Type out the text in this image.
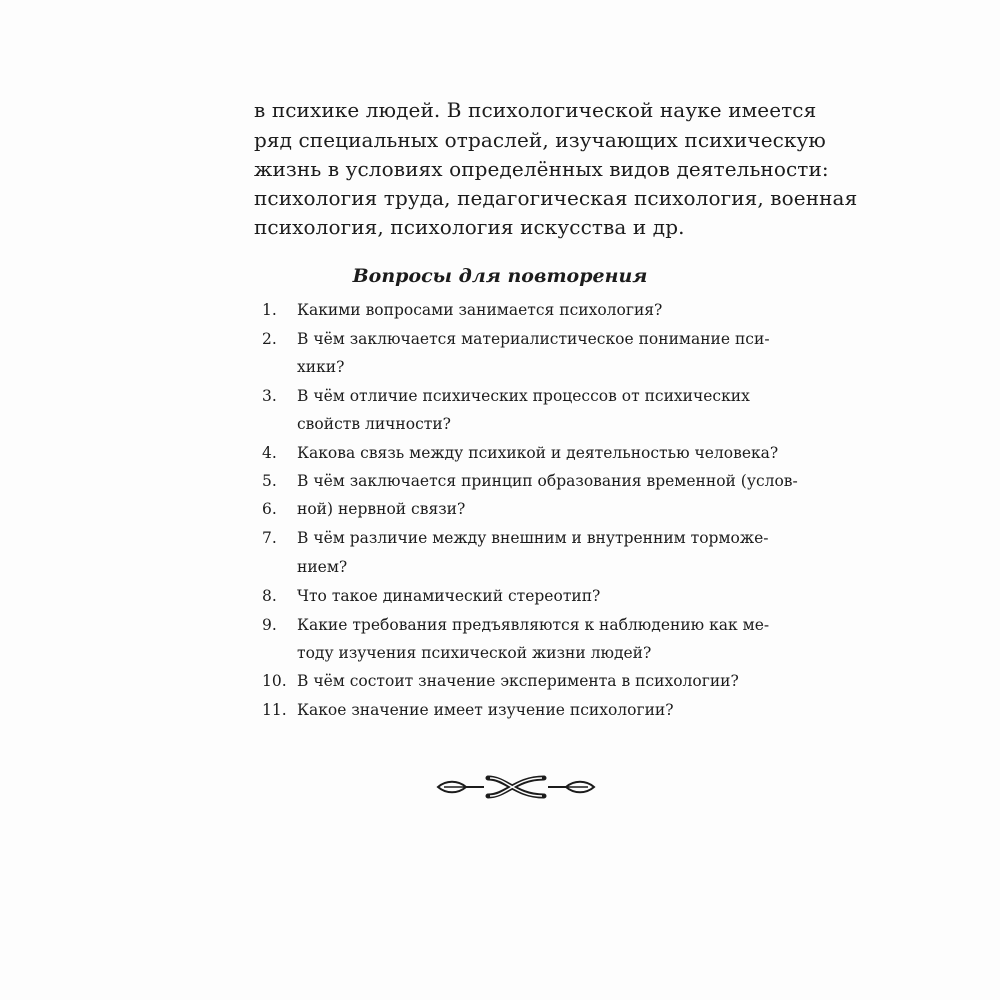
в психике людей. В психологической науке имеется
ряд специальных отраслей, изучающих психическую
жизнь в условиях определённых видов деятельности:
психология труда, педагогическая психология, военная
психология, психология искусства и др.
Вопросы для повторения
1. Какими вопросами занимается психология?
2. В чём заключается материалистическое понимание пси-
хики?
3. В чём отличие психических процессов от психических
свойств личности?
4. Какова связь между психикой и деятельностью человека?
5. В чём заключается принцип образования временной (услов-
6. ной) нервной связи?
7. В чём различие между внешним и внутренним торможе-
нием?
8. Что такое динамический стереотип?
9. Какие требования предъявляются к наблюдению как ме-
тоду изучения психической жизни людей?
10. В чём состоит значение эксперимента в психологии?
11. Какое значение имеет изучение психологии?
